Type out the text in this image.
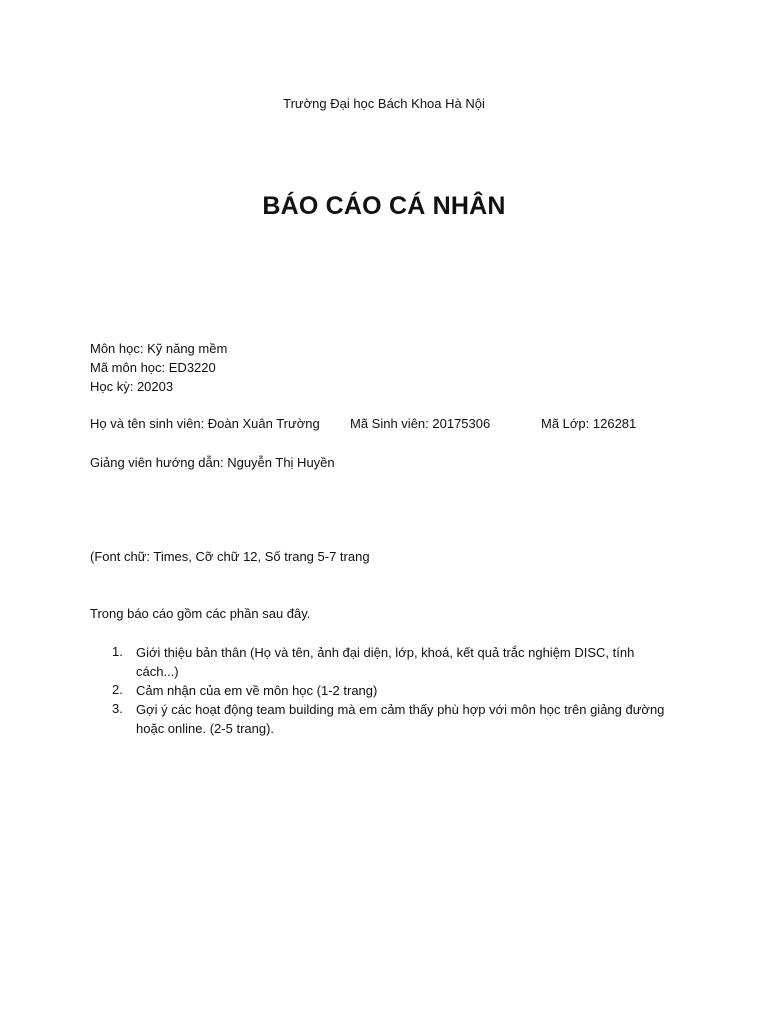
Trường Đại học Bách Khoa Hà Nội
BÁO CÁO CÁ NHÂN
Môn học: Kỹ năng mềm
Mã môn học: ED3220
Học kỳ: 20203
Họ và tên sinh viên: Đoàn Xuân Trường Mã Sinh viên: 20175306	Mã Lớp: 126281
Giảng viên hướng dẫn: Nguyễn Thị Huyền
(Font chữ: Times, Cỡ chữ 12, Số trang 5-7 trang
Trong báo cáo gồm các phần sau đây.
1.	Giới thiệu bản thân (Họ và tên, ảnh đại diện, lớp, khoá, kết quả trắc nghiệm DISC, tính cách...)
2.	Cảm nhận của em về môn học (1-2 trang)
3.	Gợi ý các hoạt động team building mà em cảm thấy phù hợp với môn học trên giảng đường hoặc online. (2-5 trang).
